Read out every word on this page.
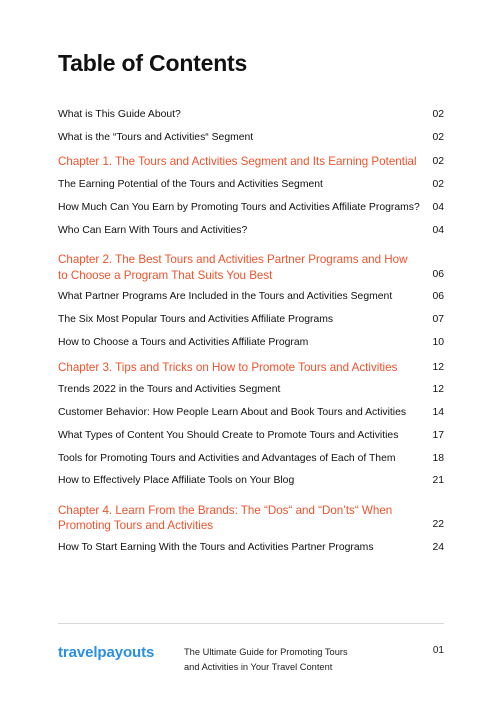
Table of Contents
What is This Guide About?	02
What is the “Tours and Activities“ Segment	02
Chapter 1. The Tours and Activities Segment and Its Earning Potential	02
The Earning Potential of the Tours and Activities Segment	02
How Much Can You Earn by Promoting Tours and Activities Affiliate Programs?	04
Who Can Earn With Tours and Activities?	04
Chapter 2. The Best Tours and Activities Partner Programs and How to Choose a Program That Suits You Best	06
What Partner Programs Are Included in the Tours and Activities Segment	06
The Six Most Popular Tours and Activities Affiliate Programs	07
How to Choose a Tours and Activities Affiliate Program	10
Chapter 3. Tips and Tricks on How to Promote Tours and Activities	12
Trends 2022 in the Tours and Activities Segment	12
Customer Behavior: How People Learn About and Book Tours and Activities	14
What Types of Content You Should Create to Promote Tours and Activities	17
Tools for Promoting Tours and Activities and Advantages of Each of Them	18
How to Effectively Place Affiliate Tools on Your Blog	21
Chapter 4. Learn From the Brands: The “Dos“ and “Don’ts“ When Promoting Tours and Activities	22
How To Start Earning With the Tours and Activities Partner Programs	24
travelpayouts	The Ultimate Guide for Promoting Tours
and Activities in Your Travel Content
01
